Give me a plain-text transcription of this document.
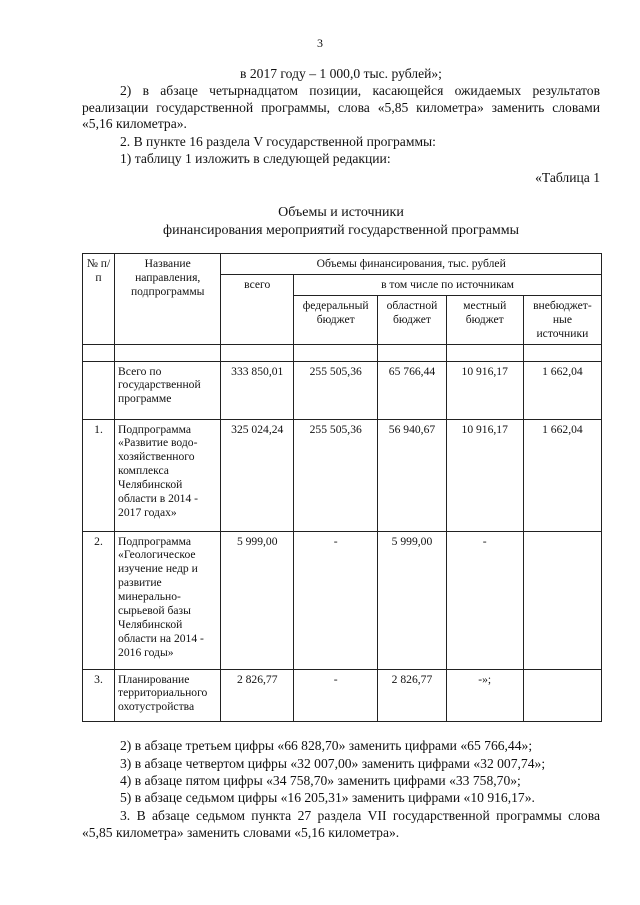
3

в 2017 году – 1 000,0 тыс. рублей»;

2) в абзаце четырнадцатом позиции, касающейся ожидаемых результатов реализации государственной программы, слова «5,85 километра» заменить словами «5,16 километра».

2. В пункте 16 раздела V государственной программы:

1) таблицу 1 изложить в следующей редакции:

«Таблица 1

Объемы и источники

финансирования мероприятий государственной программы

№ п/п	Название направления, подпрограммы	Объемы финансирования, тыс. рублей				
		всего	в том числе по источникам			
			федеральный бюджет	областной бюджет	местный бюджет	внебюджет-ные источники

	Всего по государственной программе	333 850,01	255 505,36	65 766,44	10 916,17	1 662,04
1.	Подпрограмма «Развитие водо-хозяйственного комплекса Челябинской области в 2014 - 2017 годах»	325 024,24	255 505,36	56 940,67	10 916,17	1 662,04
2.	Подпрограмма «Геологическое изучение недр и развитие минерально-сырьевой базы Челябинской области на 2014 - 2016 годы»	5 999,00	-	5 999,00	-	
3.	Планирование территориального охотустройства	2 826,77	-	2 826,77	-»;	

2) в абзаце третьем цифры «66 828,70» заменить цифрами «65 766,44»;

3) в абзаце четвертом цифры «32 007,00» заменить цифрами «32 007,74»;

4) в абзаце пятом цифры «34 758,70» заменить цифрами «33 758,70»;

5) в абзаце седьмом цифры «16 205,31» заменить цифрами «10 916,17».

3. В абзаце седьмом пункта 27 раздела VII государственной программы слова «5,85 километра» заменить словами «5,16 километра».
